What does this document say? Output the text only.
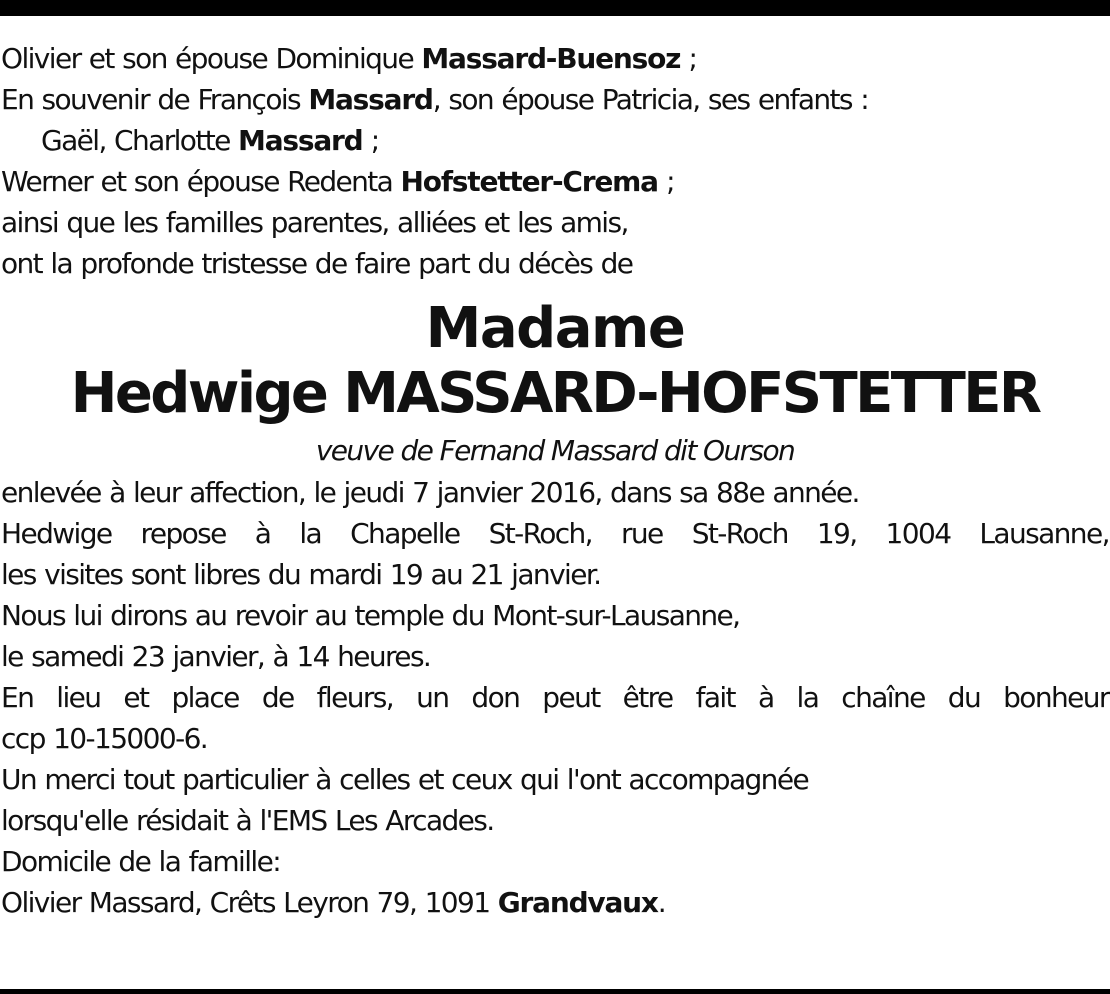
Olivier et son épouse Dominique Massard-Buensoz ;
En souvenir de François Massard, son épouse Patricia, ses enfants :
Gaël, Charlotte Massard ;
Werner et son épouse Redenta Hofstetter-Crema ;
ainsi que les familles parentes, alliées et les amis,
ont la profonde tristesse de faire part du décès de
Madame
Hedwige MASSARD-HOFSTETTER
veuve de Fernand Massard dit Ourson
enlevée à leur affection, le jeudi 7 janvier 2016, dans sa 88e année.
Hedwige repose à la Chapelle St-Roch, rue St-Roch 19, 1004 Lausanne,
les visites sont libres du mardi 19 au 21 janvier.
Nous lui dirons au revoir au temple du Mont-sur-Lausanne,
le samedi 23 janvier, à 14 heures.
En lieu et place de fleurs, un don peut être fait à la chaîne du bonheur
ccp 10-15000-6.
Un merci tout particulier à celles et ceux qui l'ont accompagnée
lorsqu'elle résidait à l'EMS Les Arcades.
Domicile de la famille:
Olivier Massard, Crêts Leyron 79, 1091 Grandvaux.
